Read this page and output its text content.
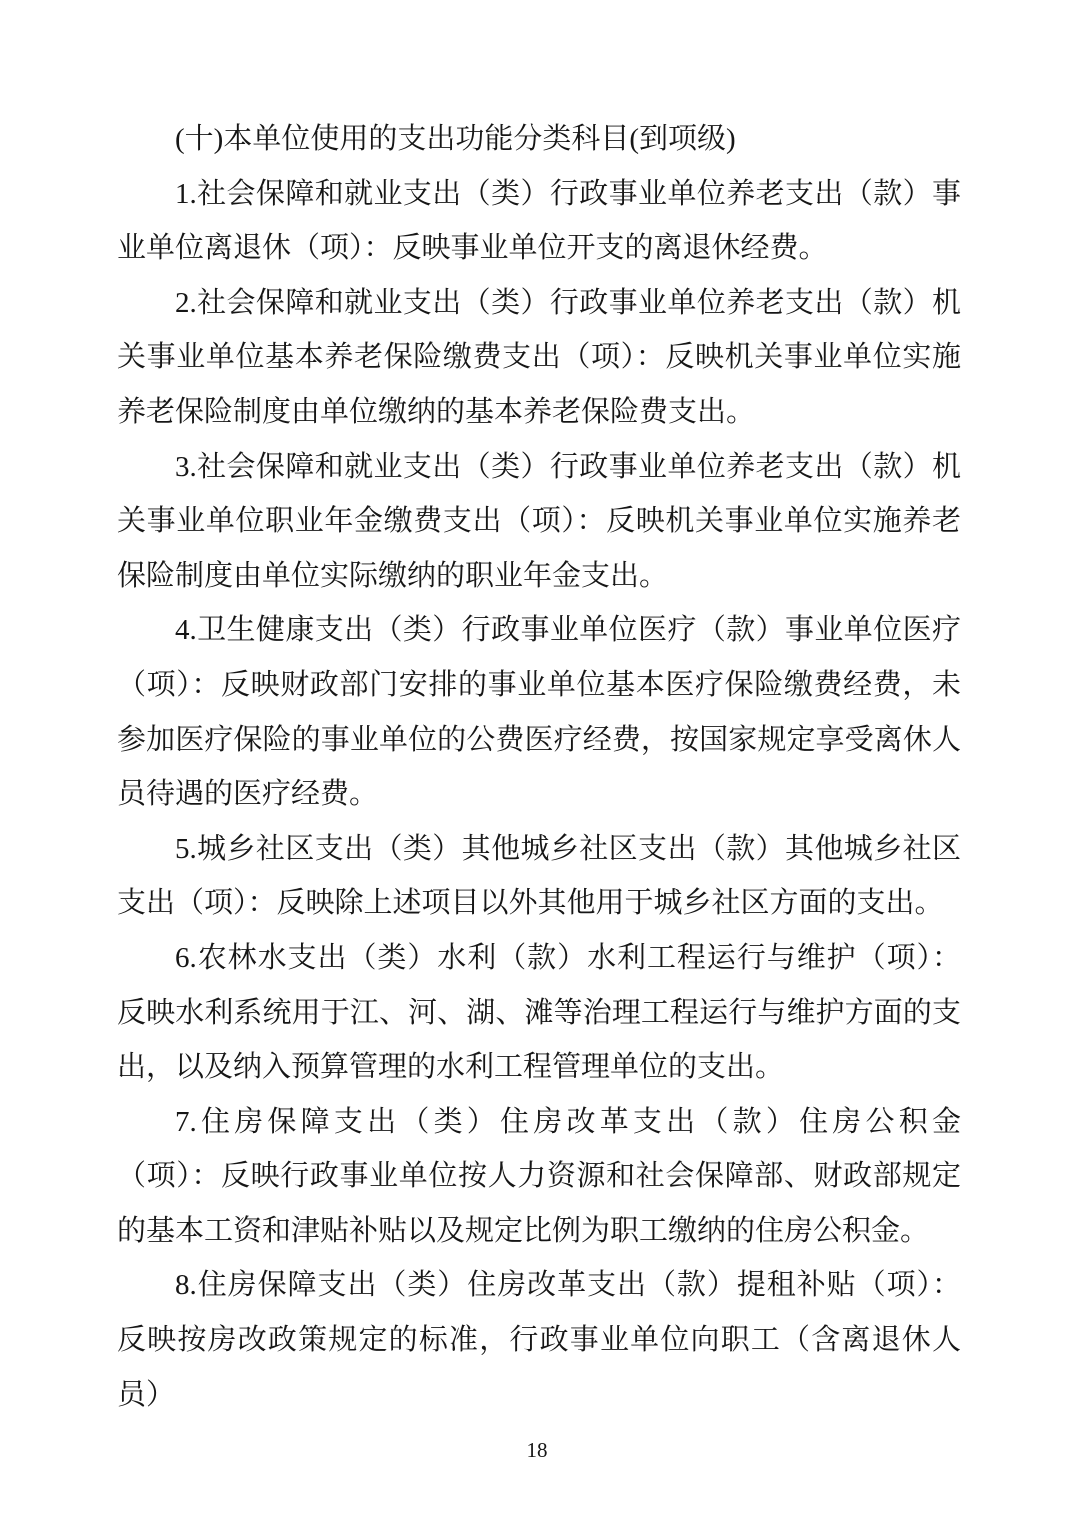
(十)本单位使用的支出功能分类科目(到项级)

1.社会保障和就业支出（类）行政事业单位养老支出（款）事业单位离退休（项）：反映事业单位开支的离退休经费。

2.社会保障和就业支出（类）行政事业单位养老支出（款）机关事业单位基本养老保险缴费支出（项）：反映机关事业单位实施养老保险制度由单位缴纳的基本养老保险费支出。

3.社会保障和就业支出（类）行政事业单位养老支出（款）机关事业单位职业年金缴费支出（项）：反映机关事业单位实施养老保险制度由单位实际缴纳的职业年金支出。

4.卫生健康支出（类）行政事业单位医疗（款）事业单位医疗（项）：反映财政部门安排的事业单位基本医疗保险缴费经费，未参加医疗保险的事业单位的公费医疗经费，按国家规定享受离休人员待遇的医疗经费。

5.城乡社区支出（类）其他城乡社区支出（款）其他城乡社区支出（项）：反映除上述项目以外其他用于城乡社区方面的支出。

6.农林水支出（类）水利（款）水利工程运行与维护（项）：反映水利系统用于江、河、湖、滩等治理工程运行与维护方面的支出，以及纳入预算管理的水利工程管理单位的支出。

7.住房保障支出（类）住房改革支出（款）住房公积金（项）：反映行政事业单位按人力资源和社会保障部、财政部规定的基本工资和津贴补贴以及规定比例为职工缴纳的住房公积金。

8.住房保障支出（类）住房改革支出（款）提租补贴（项）：反映按房改政策规定的标准，行政事业单位向职工（含离退休人员）

18
